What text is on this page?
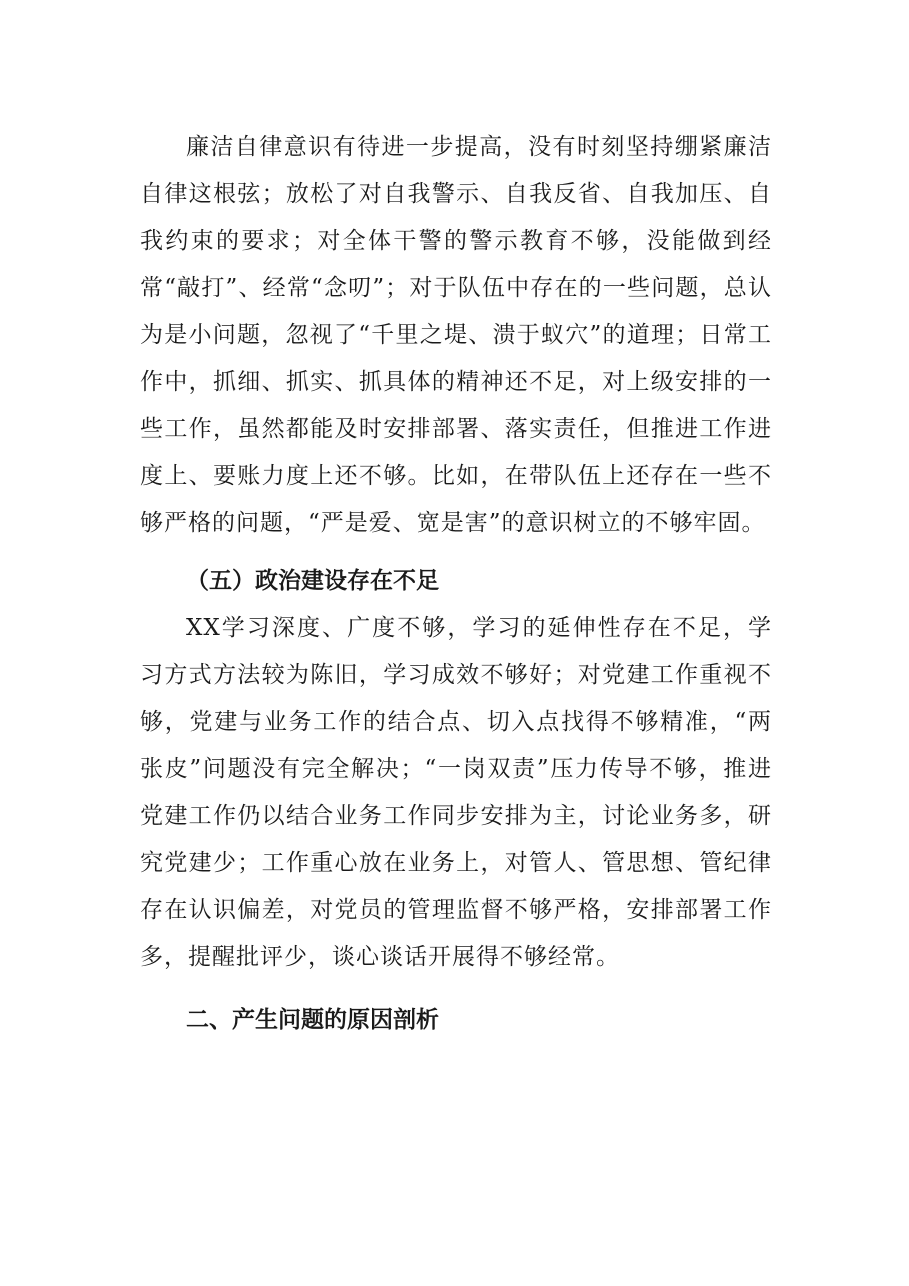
廉洁自律意识有待进一步提高，没有时刻坚持绷紧廉洁自律这根弦；放松了对自我警示、自我反省、自我加压、自我约束的要求；对全体干警的警示教育不够，没能做到经常“敲打”、经常“念叨”；对于队伍中存在的一些问题，总认为是小问题，忽视了“千里之堤、溃于蚁穴”的道理；日常工作中，抓细、抓实、抓具体的精神还不足，对上级安排的一些工作，虽然都能及时安排部署、落实责任，但推进工作进度上、要账力度上还不够。比如，在带队伍上还存在一些不够严格的问题，“严是爱、宽是害”的意识树立的不够牢固。

（五）政治建设存在不足

XX学习深度、广度不够，学习的延伸性存在不足，学习方式方法较为陈旧，学习成效不够好；对党建工作重视不够，党建与业务工作的结合点、切入点找得不够精准，“两张皮”问题没有完全解决；“一岗双责”压力传导不够，推进党建工作仍以结合业务工作同步安排为主，讨论业务多，研究党建少；工作重心放在业务上，对管人、管思想、管纪律存在认识偏差，对党员的管理监督不够严格，安排部署工作多，提醒批评少，谈心谈话开展得不够经常。

二、产生问题的原因剖析
